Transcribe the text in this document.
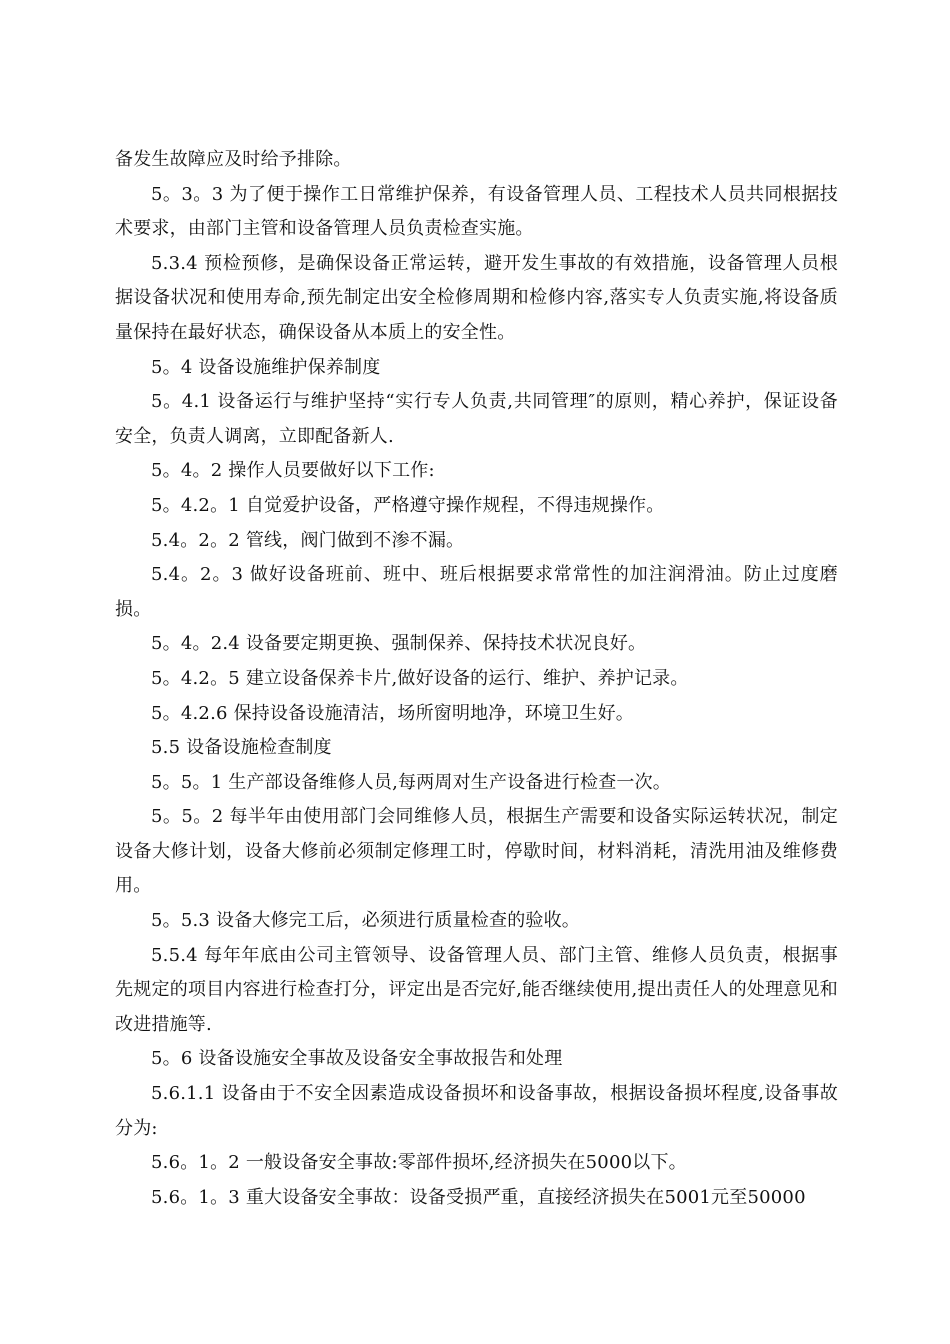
备发生故障应及时给予排除。

5。3。3 为了便于操作工日常维护保养，有设备管理人员、工程技术人员共同根据技术要求，由部门主管和设备管理人员负责检查实施。

5.3.4 预检预修，是确保设备正常运转，避开发生事故的有效措施，设备管理人员根据设备状况和使用寿命,预先制定出安全检修周期和检修内容,落实专人负责实施,将设备质量保持在最好状态，确保设备从本质上的安全性。

5。4 设备设施维护保养制度

5。4.1 设备运行与维护坚持“实行专人负责,共同管理″的原则，精心养护，保证设备安全，负责人调离，立即配备新人.

5。4。2 操作人员要做好以下工作:

5。4.2。1 自觉爱护设备，严格遵守操作规程，不得违规操作。

5.4。2。2 管线，阀门做到不渗不漏。

5.4。2。3 做好设备班前、班中、班后根据要求常常性的加注润滑油。防止过度磨损。

5。4。2.4 设备要定期更换、强制保养、保持技术状况良好。

5。4.2。5 建立设备保养卡片,做好设备的运行、维护、养护记录。

5。4.2.6 保持设备设施清洁，场所窗明地净，环境卫生好。

5.5 设备设施检查制度

5。5。1 生产部设备维修人员,每两周对生产设备进行检查一次。

5。5。2 每半年由使用部门会同维修人员，根据生产需要和设备实际运转状况，制定设备大修计划，设备大修前必须制定修理工时，停歇时间，材料消耗，清洗用油及维修费用。

5。5.3 设备大修完工后，必须进行质量检查的验收。

5.5.4 每年年底由公司主管领导、设备管理人员、部门主管、维修人员负责，根据事先规定的项目内容进行检查打分，评定出是否完好,能否继续使用,提出责任人的处理意见和改进措施等.

5。6 设备设施安全事故及设备安全事故报告和处理

5.6.1.1 设备由于不安全因素造成设备损坏和设备事故，根据设备损坏程度,设备事故分为:

5.6。1。2 一般设备安全事故:零部件损坏,经济损失在5000以下。

5.6。1。3 重大设备安全事故：设备受损严重，直接经济损失在5001元至50000
